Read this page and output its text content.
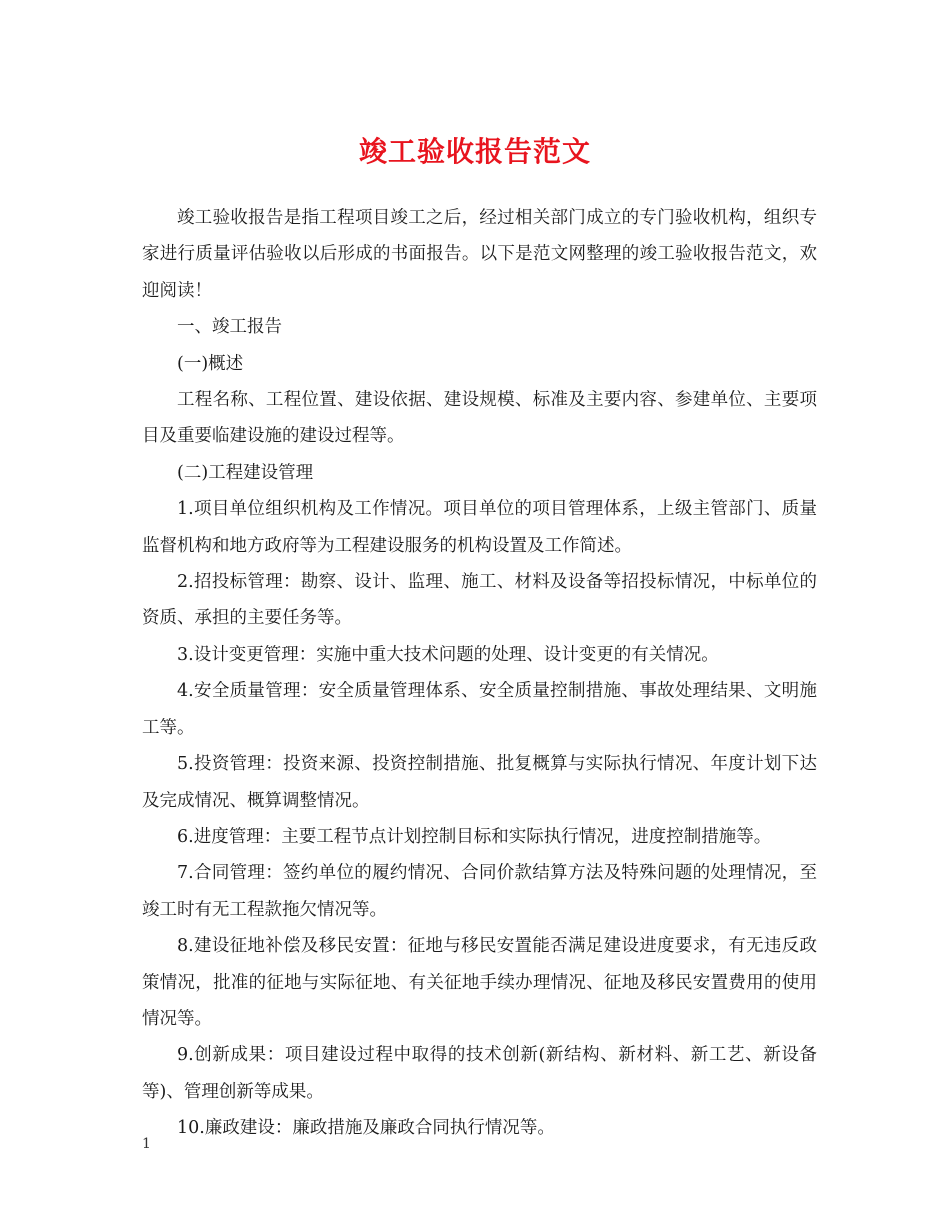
竣工验收报告范文

竣工验收报告是指工程项目竣工之后，经过相关部门成立的专门验收机构，组织专家进行质量评估验收以后形成的书面报告。以下是范文网整理的竣工验收报告范文，欢迎阅读！

一、竣工报告

(一)概述

工程名称、工程位置、建设依据、建设规模、标准及主要内容、参建单位、主要项目及重要临建设施的建设过程等。

(二)工程建设管理

1.项目单位组织机构及工作情况。项目单位的项目管理体系，上级主管部门、质量监督机构和地方政府等为工程建设服务的机构设置及工作简述。

2.招投标管理：勘察、设计、监理、施工、材料及设备等招投标情况，中标单位的资质、承担的主要任务等。

3.设计变更管理：实施中重大技术问题的处理、设计变更的有关情况。

4.安全质量管理：安全质量管理体系、安全质量控制措施、事故处理结果、文明施工等。

5.投资管理：投资来源、投资控制措施、批复概算与实际执行情况、年度计划下达及完成情况、概算调整情况。

6.进度管理：主要工程节点计划控制目标和实际执行情况，进度控制措施等。

7.合同管理：签约单位的履约情况、合同价款结算方法及特殊问题的处理情况，至竣工时有无工程款拖欠情况等。

8.建设征地补偿及移民安置：征地与移民安置能否满足建设进度要求，有无违反政策情况，批准的征地与实际征地、有关征地手续办理情况、征地及移民安置费用的使用情况等。

9.创新成果：项目建设过程中取得的技术创新(新结构、新材料、新工艺、新设备等)、管理创新等成果。

10.廉政建设：廉政措施及廉政合同执行情况等。

1
